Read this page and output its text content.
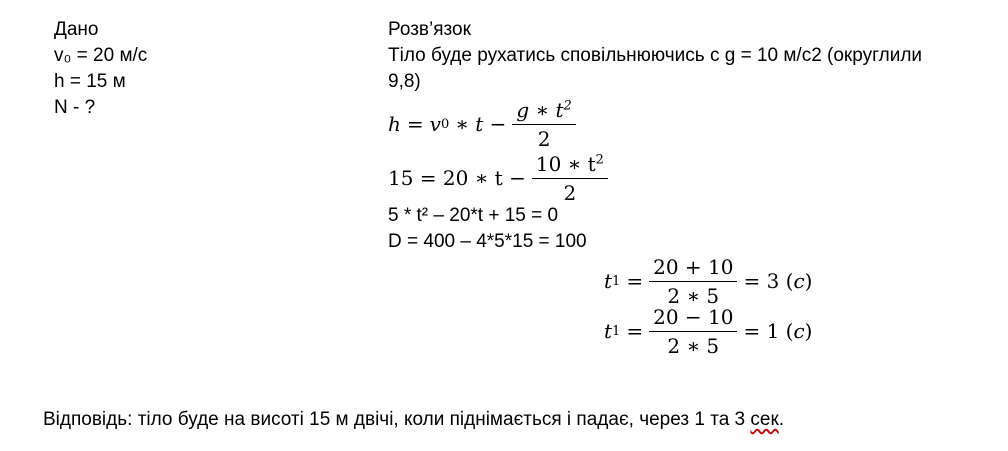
Дано
v₀ = 20 м/с
h = 15 м
N - ?
Розв’язок
Тіло буде рухатись сповільнюючись с g = 10 м/с2 (округлили
9,8)
h = v 0 ∗ $t - \frac{g ∗ t^2}{2}$
15 = 20 ∗ $t - \frac{10 ∗ t^2}{2}$
5 * t² – 20*t + 15 = 0
D = 400 – 4*5*15 = 100
t $1 = \frac{20 + 10}{2 ∗ 5} = 3$ ( с )
t $1 = \frac{20 - 10}{2 ∗ 5} = 1$ ( с )
Відповідь: тіло буде на висоті 15 м двічі, коли піднімається і падає, через 1 та 3 сек.
